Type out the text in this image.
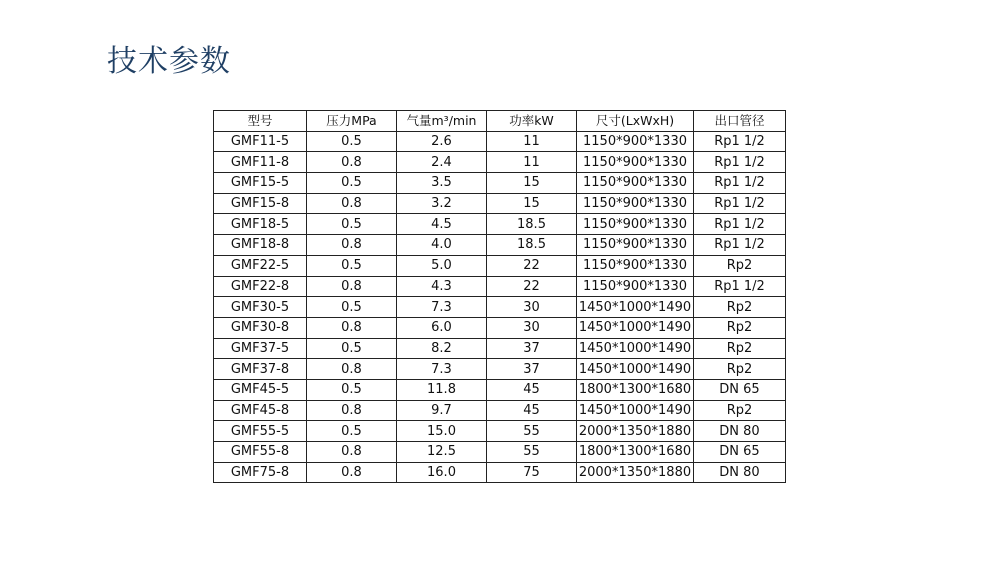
技术参数
型号	压力MPa	气量m³/min	功率kW	尺寸(LxWxH)	出口管径
GMF11-5	0.5	2.6	11	1150*900*1330	Rp1 1/2
GMF11-8	0.8	2.4	11	1150*900*1330	Rp1 1/2
GMF15-5	0.5	3.5	15	1150*900*1330	Rp1 1/2
GMF15-8	0.8	3.2	15	1150*900*1330	Rp1 1/2
GMF18-5	0.5	4.5	18.5	1150*900*1330	Rp1 1/2
GMF18-8	0.8	4.0	18.5	1150*900*1330	Rp1 1/2
GMF22-5	0.5	5.0	22	1150*900*1330	Rp2
GMF22-8	0.8	4.3	22	1150*900*1330	Rp1 1/2
GMF30-5	0.5	7.3	30	1450*1000*1490	Rp2
GMF30-8	0.8	6.0	30	1450*1000*1490	Rp2
GMF37-5	0.5	8.2	37	1450*1000*1490	Rp2
GMF37-8	0.8	7.3	37	1450*1000*1490	Rp2
GMF45-5	0.5	11.8	45	1800*1300*1680	DN 65
GMF45-8	0.8	9.7	45	1450*1000*1490	Rp2
GMF55-5	0.5	15.0	55	2000*1350*1880	DN 80
GMF55-8	0.8	12.5	55	1800*1300*1680	DN 65
GMF75-8	0.8	16.0	75	2000*1350*1880	DN 80
